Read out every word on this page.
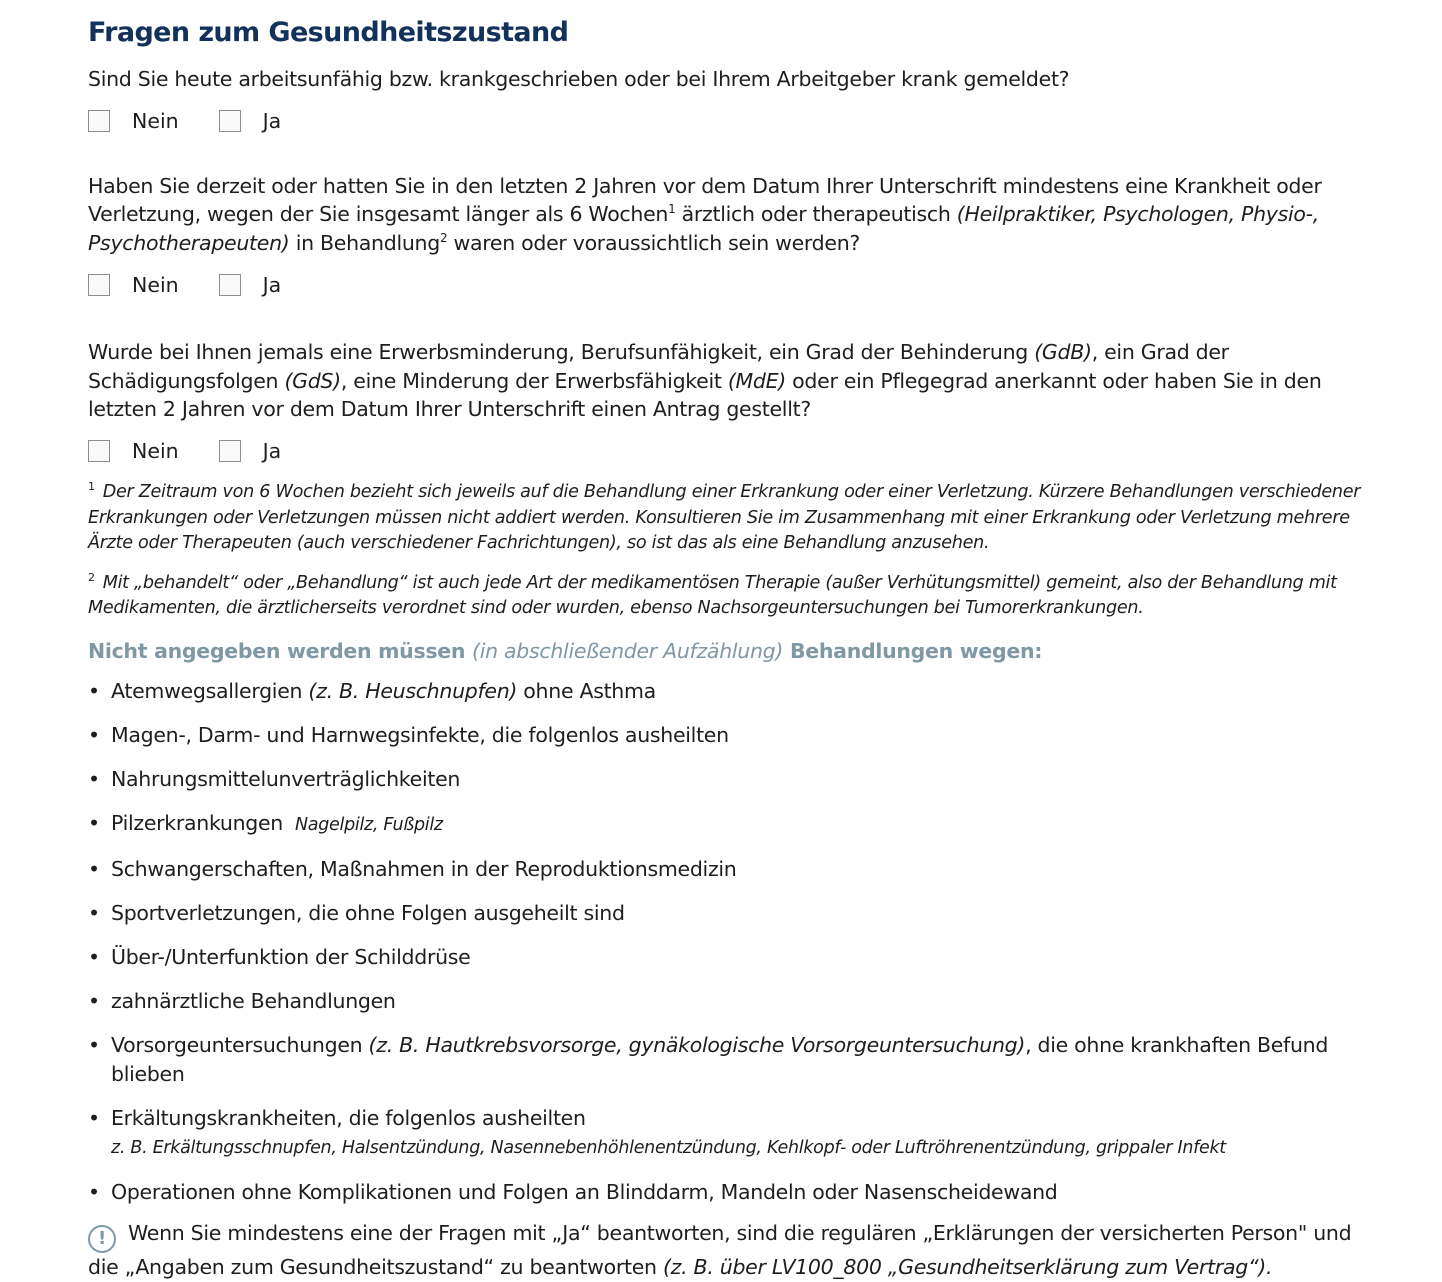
Fragen zum Gesundheitszustand

Sind Sie heute arbeitsunfähig bzw. krankgeschrieben oder bei Ihrem Arbeitgeber krank gemeldet?

Nein	Ja

Haben Sie derzeit oder hatten Sie in den letzten 2 Jahren vor dem Datum Ihrer Unterschrift mindestens eine Krankheit oder Verletzung, wegen der Sie insgesamt länger als 6 Wochen$^1$ ärztlich oder therapeutisch (Heilpraktiker, Psychologen, Physio-, Psychotherapeuten) in Behandlung$^2$ waren oder voraussichtlich sein werden?

Nein	Ja

Wurde bei Ihnen jemals eine Erwerbsminderung, Berufsunfähigkeit, ein Grad der Behinderung (GdB), ein Grad der Schädigungsfolgen (GdS), eine Minderung der Erwerbsfähigkeit (MdE) oder ein Pflegegrad anerkannt oder haben Sie in den letzten 2 Jahren vor dem Datum Ihrer Unterschrift einen Antrag gestellt?

Nein	Ja

$^1$ Der Zeitraum von 6 Wochen bezieht sich jeweils auf die Behandlung einer Erkrankung oder einer Verletzung. Kürzere Behandlungen verschiedener Erkrankungen oder Verletzungen müssen nicht addiert werden. Konsultieren Sie im Zusammenhang mit einer Erkrankung oder Verletzung mehrere Ärzte oder Therapeuten (auch verschiedener Fachrichtungen), so ist das als eine Behandlung anzusehen.

$^2$ Mit „behandelt“ oder „Behandlung“ ist auch jede Art der medikamentösen Therapie (außer Verhütungsmittel) gemeint, also der Behandlung mit Medikamenten, die ärztlicherseits verordnet sind oder wurden, ebenso Nachsorgeuntersuchungen bei Tumorerkrankungen.

Nicht angegeben werden müssen (in abschließender Aufzählung) Behandlungen wegen:

• Atemwegsallergien (z. B. Heuschnupfen) ohne Asthma
• Magen-, Darm- und Harnwegsinfekte, die folgenlos ausheilten
• Nahrungsmittelunverträglichkeiten
• Pilzerkrankungen Nagelpilz, Fußpilz
• Schwangerschaften, Maßnahmen in der Reproduktionsmedizin
• Sportverletzungen, die ohne Folgen ausgeheilt sind
• Über-/Unterfunktion der Schilddrüse
• zahnärztliche Behandlungen
• Vorsorgeuntersuchungen (z. B. Hautkrebsvorsorge, gynäkologische Vorsorgeuntersuchung), die ohne krankhaften Befund blieben
• Erkältungskrankheiten, die folgenlos ausheilten
z. B. Erkältungsschnupfen, Halsentzündung, Nasennebenhöhlenentzündung, Kehlkopf- oder Luftröhrenentzündung, grippaler Infekt
• Operationen ohne Komplikationen und Folgen an Blinddarm, Mandeln oder Nasenscheidewand

! Wenn Sie mindestens eine der Fragen mit „Ja“ beantworten, sind die regulären „Erklärungen der versicherten Person" und die „Angaben zum Gesundheitszustand“ zu beantworten (z. B. über LV100_800 „Gesundheitserklärung zum Vertrag“).
